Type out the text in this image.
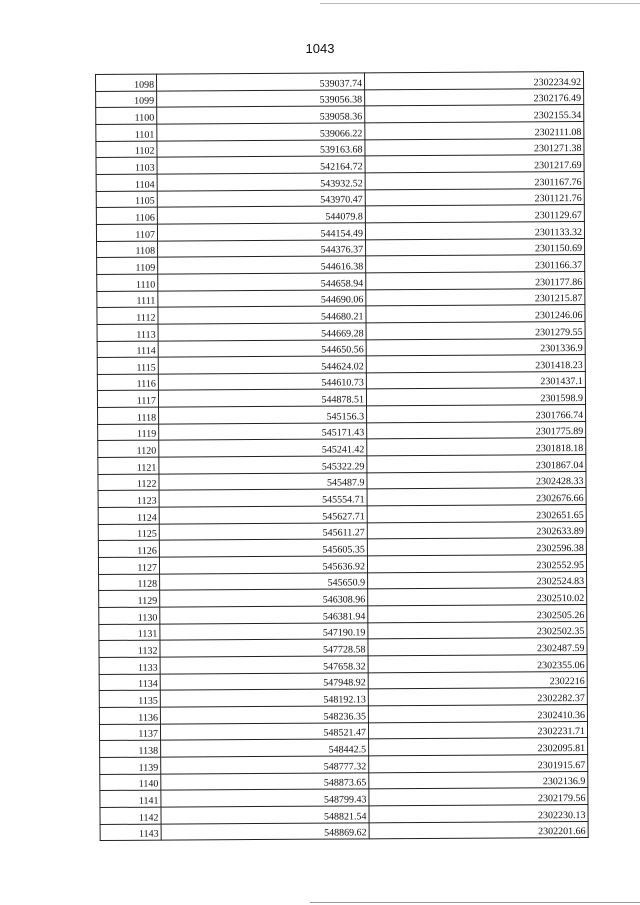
1043
1098	539037.74	2302234.92
1099	539056.38	2302176.49
1100	539058.36	2302155.34
1101	539066.22	2302111.08
1102	539163.68	2301271.38
1103	542164.72	2301217.69
1104	543932.52	2301167.76
1105	543970.47	2301121.76
1106	544079.8	2301129.67
1107	544154.49	2301133.32
1108	544376.37	2301150.69
1109	544616.38	2301166.37
1110	544658.94	2301177.86
1111	544690.06	2301215.87
1112	544680.21	2301246.06
1113	544669.28	2301279.55
1114	544650.56	2301336.9
1115	544624.02	2301418.23
1116	544610.73	2301437.1
1117	544878.51	2301598.9
1118	545156.3	2301766.74
1119	545171.43	2301775.89
1120	545241.42	2301818.18
1121	545322.29	2301867.04
1122	545487.9	2302428.33
1123	545554.71	2302676.66
1124	545627.71	2302651.65
1125	545611.27	2302633.89
1126	545605.35	2302596.38
1127	545636.92	2302552.95
1128	545650.9	2302524.83
1129	546308.96	2302510.02
1130	546381.94	2302505.26
1131	547190.19	2302502.35
1132	547728.58	2302487.59
1133	547658.32	2302355.06
1134	547948.92	2302216
1135	548192.13	2302282.37
1136	548236.35	2302410.36
1137	548521.47	2302231.71
1138	548442.5	2302095.81
1139	548777.32	2301915.67
1140	548873.65	2302136.9
1141	548799.43	2302179.56
1142	548821.54	2302230.13
1143	548869.62	2302201.66
